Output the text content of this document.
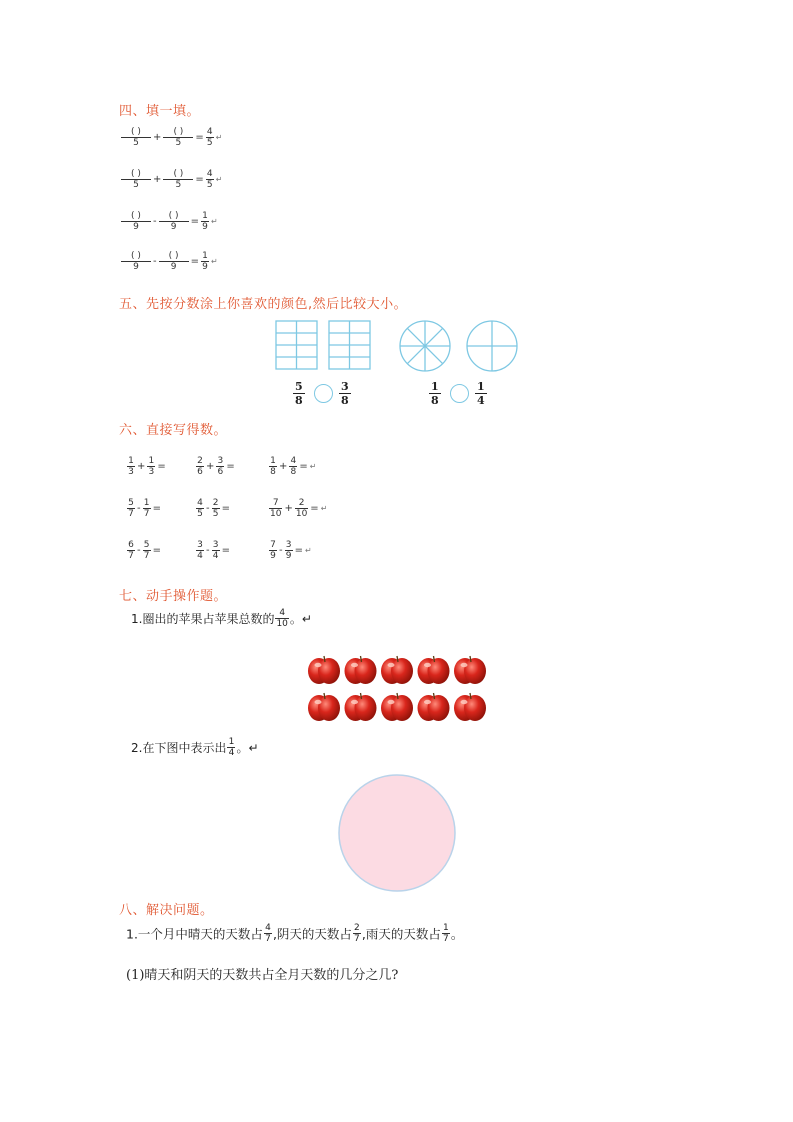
四、填一填。
$\frac{( )}{5} + \frac{( )}{5} = \frac{4}{5}$ ↵
$\frac{( )}{5} + \frac{( )}{5} = \frac{4}{5}$ ↵
$\frac{( )}{9} - \frac{( )}{9} = \frac{1}{9}$ ↵
$\frac{( )}{9} - \frac{( )}{9} = \frac{1}{9}$ ↵
五、先按分数涂上你喜欢的颜色,然后比较大小。
$\frac{5}{8}$	$\frac{3}{8}$	$\frac{1}{8}$	$\frac{1}{4}$
六、直接写得数。
$\frac{1}{3} + \frac{1}{3}$ =	$\frac{2}{6} + \frac{3}{6}$ =	$\frac{1}{8} + \frac{4}{8}$ = ↵
$\frac{5}{7} - \frac{1}{7}$ =	$\frac{4}{5} - \frac{2}{5}$ =	$\frac{7}{10} + \frac{2}{10}$ = ↵
$\frac{6}{7} - \frac{5}{7}$ =	$\frac{3}{4} - \frac{3}{4}$ =	$\frac{7}{9} - \frac{3}{9}$ = ↵
七、动手操作题。
1.圈出的苹果占苹果总数的 $\frac{4}{10}$ 。↵
2.在下图中表示出 $\frac{1}{4}$ 。↵
八、解决问题。
1.一个月中晴天的天数占 $\frac{4}{7}$ ,阴天的天数占 $\frac{2}{7}$ ,雨天的天数占 $\frac{1}{7}$ 。
(1)晴天和阴天的天数共占全月天数的几分之几?
